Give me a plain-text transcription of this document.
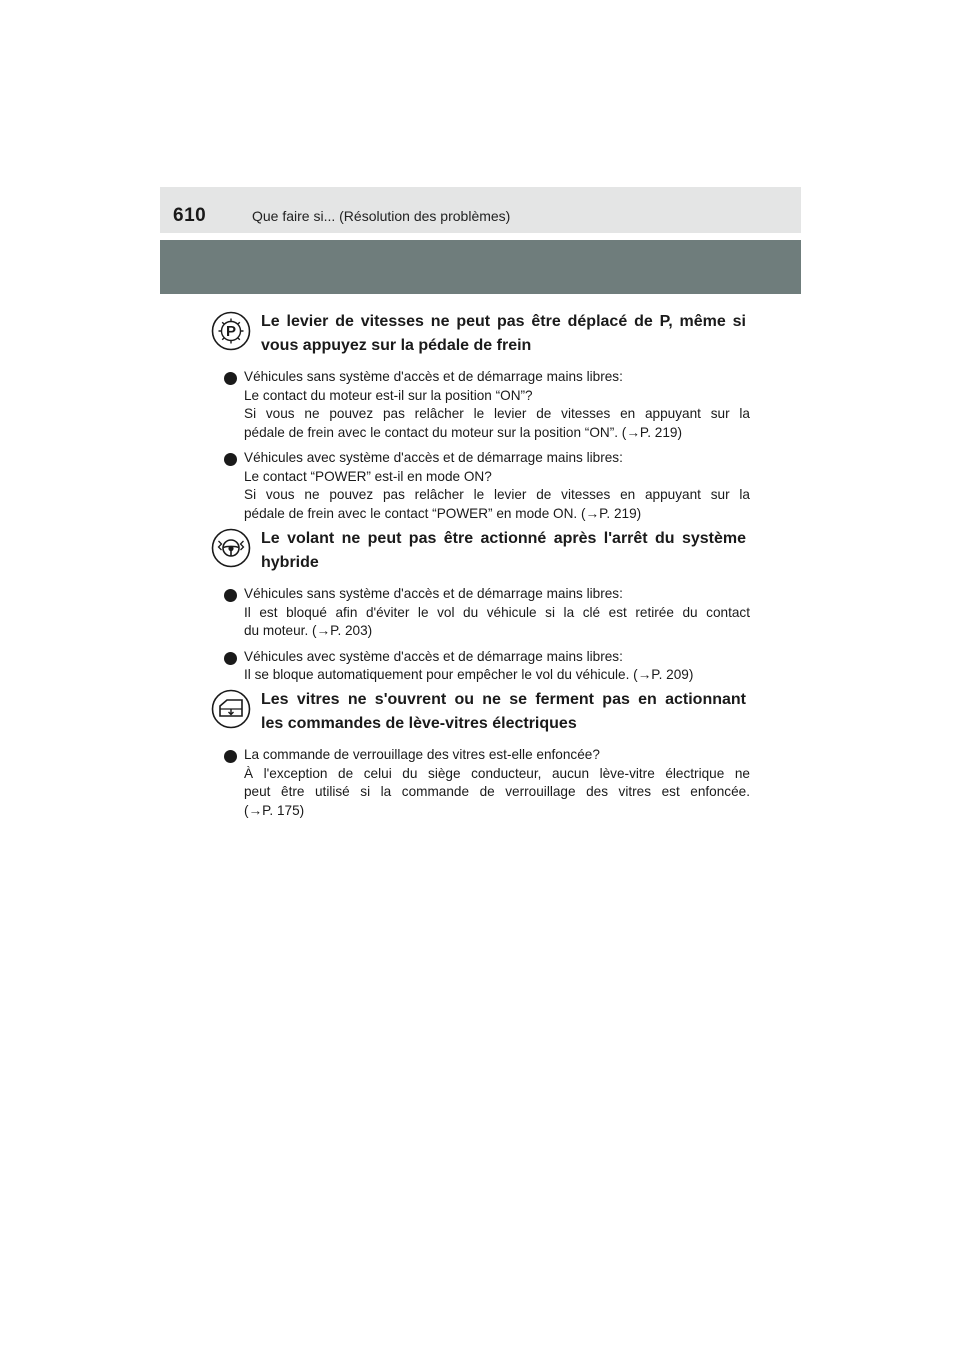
610	Que faire si... (Résolution des problèmes)
P
Le levier de vitesses ne peut pas être déplacé de P, même si
vous appuyez sur la pédale de frein
Véhicules sans système d'accès et de démarrage mains libres:
Le contact du moteur est-il sur la position “ON”?
Si vous ne pouvez pas relâcher le levier de vitesses en appuyant sur la
pédale de frein avec le contact du moteur sur la position “ON”. (→P. 219)
Véhicules avec système d'accès et de démarrage mains libres:
Le contact “POWER” est-il en mode ON?
Si vous ne pouvez pas relâcher le levier de vitesses en appuyant sur la
pédale de frein avec le contact “POWER” en mode ON. (→P. 219)
Le volant ne peut pas être actionné après l'arrêt du système
hybride
Véhicules sans système d'accès et de démarrage mains libres:
Il est bloqué afin d'éviter le vol du véhicule si la clé est retirée du contact
du moteur. (→P. 203)
Véhicules avec système d'accès et de démarrage mains libres:
Il se bloque automatiquement pour empêcher le vol du véhicule. (→P. 209)
Les vitres ne s'ouvrent ou ne se ferment pas en actionnant
les commandes de lève-vitres électriques
La commande de verrouillage des vitres est-elle enfoncée?
À l'exception de celui du siège conducteur, aucun lève-vitre électrique ne
peut être utilisé si la commande de verrouillage des vitres est enfoncée.
(→P. 175)
